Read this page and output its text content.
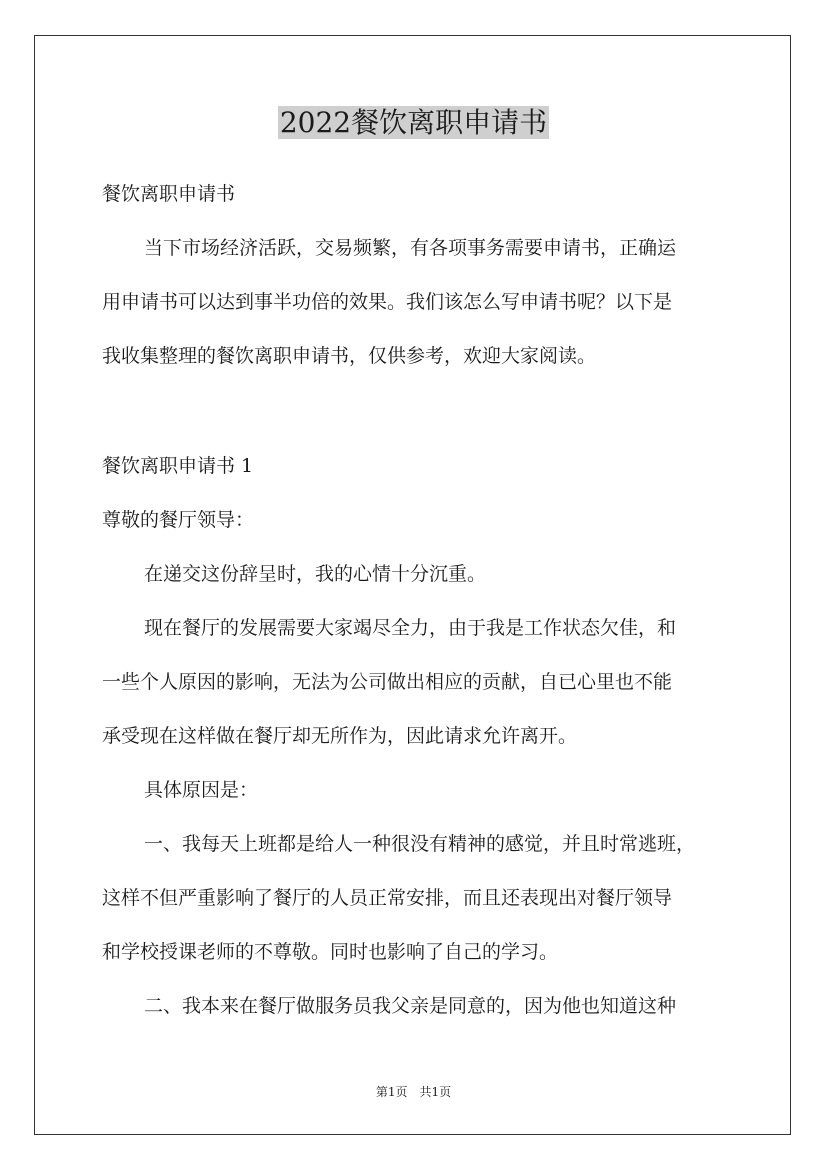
2022餐饮离职申请书
餐饮离职申请书
当下市场经济活跃，交易频繁，有各项事务需要申请书，正确运
用申请书可以达到事半功倍的效果。我们该怎么写申请书呢？以下是
我收集整理的餐饮离职申请书，仅供参考，欢迎大家阅读。
餐饮离职申请书 1
尊敬的餐厅领导：
在递交这份辞呈时，我的心情十分沉重。
现在餐厅的发展需要大家竭尽全力，由于我是工作状态欠佳，和
一些个人原因的影响，无法为公司做出相应的贡献，自已心里也不能
承受现在这样做在餐厅却无所作为，因此请求允许离开。
具体原因是：
一、我每天上班都是给人一种很没有精神的感觉，并且时常逃班，
这样不但严重影响了餐厅的人员正常安排，而且还表现出对餐厅领导
和学校授课老师的不尊敬。同时也影响了自己的学习。
二、我本来在餐厅做服务员我父亲是同意的，因为他也知道这种
第1页　共1页
